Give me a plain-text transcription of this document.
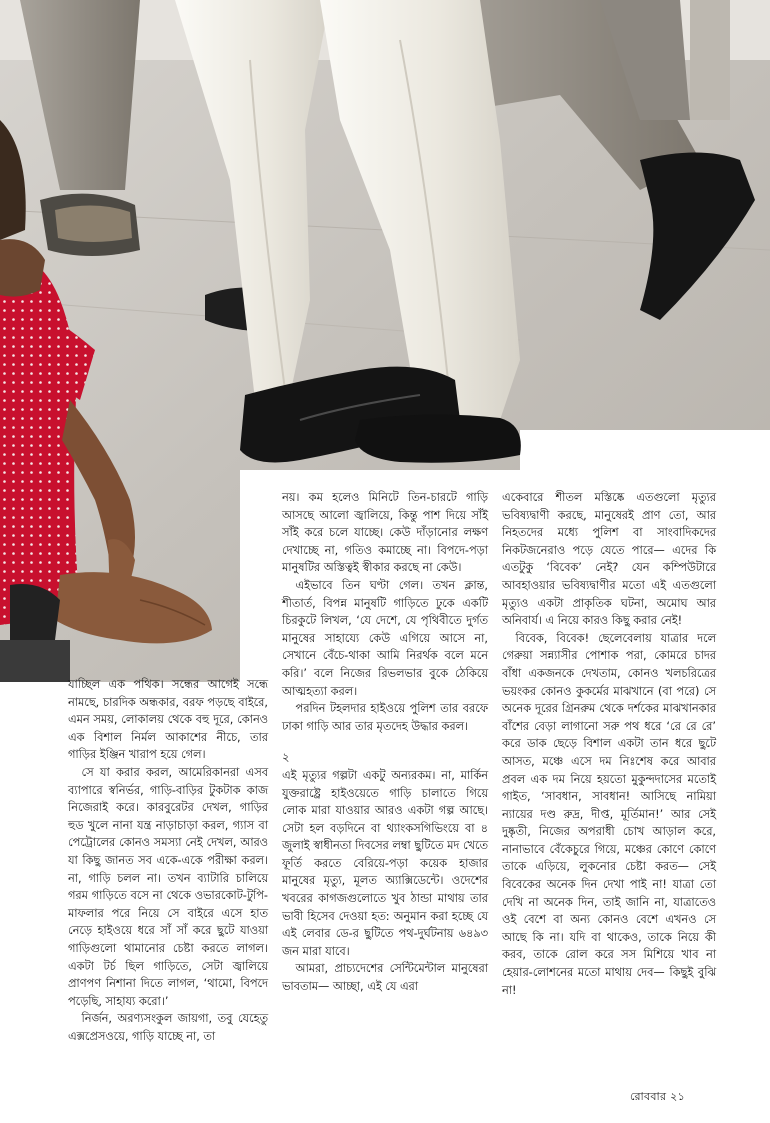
যাচ্ছিল এক পথিক। সন্ধের আগেই সন্ধে নামছে, চারদিক অন্ধকার, বরফ পড়ছে বাইরে, এমন সময়, লোকালয় থেকে বহু দূরে, কোনও এক বিশাল নির্মল আকাশের নীচে, তার গাড়ির ইঞ্জিন খারাপ হয়ে গেল।

সে যা করার করল, আমেরিকানরা এসব ব্যাপারে স্বনির্ভর, গাড়ি-বাড়ির টুকটাক কাজ নিজেরাই করে। কারবুরেটর দেখল, গাড়ির হুড খুলে নানা যন্ত্র নাড়াচাড়া করল, গ্যাস বা পেট্রোলের কোনও সমস্যা নেই দেখল, আরও যা কিছু জানত সব একে-একে পরীক্ষা করল। না, গাড়ি চলল না। তখন ব্যাটারি চালিয়ে গরম গাড়িতে বসে না থেকে ওভারকোট-টুপি-মাফলার পরে নিয়ে সে বাইরে এসে হাত নেড়ে হাইওয়ে ধরে সাঁ সাঁ করে ছুটে যাওয়া গাড়িগুলো থামানোর চেষ্টা করতে লাগল। একটা টর্চ ছিল গাড়িতে, সেটা জ্বালিয়ে প্রাণপণ নিশানা দিতে লাগল, ‘থামো, বিপদে পড়েছি, সাহায্য করো।’

নির্জন, অরণ্যসংকুল জায়গা, তবু যেহেতু এক্সপ্রেসওয়ে, গাড়ি যাচ্ছে না, তা

নয়। কম হলেও মিনিটে তিন-চারটে গাড়ি আসছে আলো জ্বালিয়ে, কিন্তু পাশ দিয়ে সাঁই সাঁই করে চলে যাচ্ছে। কেউ দাঁড়ানোর লক্ষণ দেখাচ্ছে না, গতিও কমাচ্ছে না। বিপদে-পড়া মানুষটির অস্তিত্বই স্বীকার করছে না কেউ।

এইভাবে তিন ঘণ্টা গেল। তখন ক্লান্ত, শীতার্ত, বিপন্ন মানুষটি গাড়িতে ঢুকে একটি চিরকুটে লিখল, ‘যে দেশে, যে পৃথিবীতে দুর্গত মানুষের সাহায্যে কেউ এগিয়ে আসে না, সেখানে বেঁচে-থাকা আমি নিরর্থক বলে মনে করি।’ বলে নিজের রিভলভার বুকে ঠেকিয়ে আত্মহত্যা করল।

পরদিন টহলদার হাইওয়ে পুলিশ তার বরফে ঢাকা গাড়ি আর তার মৃতদেহ উদ্ধার করল।

২

এই মৃত্যুর গল্পটা একটু অন্যরকম। না, মার্কিন যুক্তরাষ্ট্রে হাইওয়েতে গাড়ি চালাতে গিয়ে লোক মারা যাওয়ার আরও একটা গল্প আছে। সেটা হল বড়দিনে বা থ্যাংকসগিভিংয়ে বা ৪ জুলাই স্বাধীনতা দিবসের লম্বা ছুটিতে মদ খেতে ফূর্তি করতে বেরিয়ে-পড়া কয়েক হাজার মানুষের মৃত্যু, মূলত অ্যাক্সিডেন্টে। ওদেশের খবরের কাগজগুলোতে খুব ঠান্ডা মাথায় তার ভাবী হিসেব দেওয়া হত: অনুমান করা হচ্ছে যে এই লেবার ডে-র ছুটিতে পথ-দুর্ঘটনায় ৬৪৯৩ জন মারা যাবে।

আমরা, প্রাচ্যদেশের সেন্টিমেন্টাল মানুষেরা ভাবতাম— আচ্ছা, এই যে এরা

একেবারে শীতল মস্তিষ্কে এতগুলো মৃত্যুর ভবিষ্যদ্বাণী করছে, মানুষেরই প্রাণ তো, আর নিহতদের মধ্যে পুলিশ বা সাংবাদিকদের নিকটজনেরাও পড়ে যেতে পারে— এদের কি এতটুকু ‘বিবেক’ নেই? যেন কম্পিউটারে আবহাওয়ার ভবিষ্যদ্বাণীর মতো এই এতগুলো মৃত্যুও একটা প্রাকৃতিক ঘটনা, অমোঘ আর অনিবার্য। এ নিয়ে কারও কিছু করার নেই!

বিবেক, বিবেক! ছেলেবেলায় যাত্রার দলে গেরুয়া সন্ন্যাসীর পোশাক পরা, কোমরে চাদর বাঁধা একজনকে দেখতাম, কোনও খলচরিত্রের ভয়ংকর কোনও কুকর্মের মাঝখানে (বা পরে) সে অনেক দূরের গ্রিনরুম থেকে দর্শকের মাঝখানকার বাঁশের বেড়া লাগানো সরু পথ ধরে ‘রে রে রে’ করে ডাক ছেড়ে বিশাল একটা তান ধরে ছুটে আসত, মঞ্চে এসে দম নিঃশেষ করে আবার প্রবল এক দম নিয়ে হয়তো মুকুন্দদাসের মতোই গাইত, ‘সাবধান, সাবধান! আসিছে নামিয়া ন্যায়ের দণ্ড রুদ্র, দীপ্ত, মূর্তিমান!’ আর সেই দুষ্কৃতী, নিজের অপরাধী চোখ আড়াল করে, নানাভাবে বেঁকেচুরে গিয়ে, মঞ্চের কোণে কোণে তাকে এড়িয়ে, লুকনোর চেষ্টা করত— সেই বিবেকের অনেক দিন দেখা পাই না! যাত্রা তো দেখি না অনেক দিন, তাই জানি না, যাত্রাতেও ওই বেশে বা অন্য কোনও বেশে এখনও সে আছে কি না। যদি বা থাকেও, তাকে নিয়ে কী করব, তাকে রোল করে সস মিশিয়ে খাব না হেয়ার-লোশনের মতো মাথায় দেব— কিছুই বুঝি না!

রোববার ২১
